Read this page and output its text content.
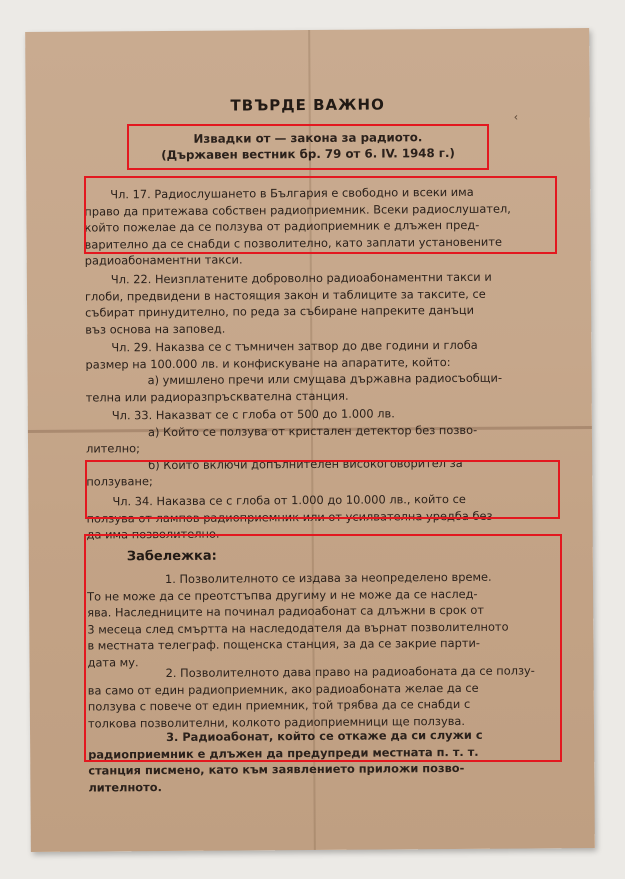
ТВЪРДЕ ВАЖНО

Извадки от — закона за радиото.

(Държавен вестник бр. 79 от 6. IV. 1948 г.)

‹

Чл. 17. Радиослушането в България е свободно и всеки има

право да притежава собствен радиоприемник. Всеки радиослушател,

който пожелае да се ползува от радиоприемник е длъжен пред-

варително да се снабди с позволително, като заплати установените

радиоабонаментни такси.

Чл. 22. Неизплатените доброволно радиоабонаментни такси и

глоби, предвидени в настоящия закон и таблиците за таксите, се

събират принудително, по реда за събиране напреките данъци

въз основа на заповед.

Чл. 29. Наказва се с тъмничен затвор до две години и глоба

размер на 100.000 лв. и конфискуване на апаратите, който:

а) умишлено пречи или смущава държавна радиосъобщи-

телна или радиоразпръсквателна станция.

Чл. 33. Наказват се с глоба от 500 до 1.000 лв.

а) Който се ползува от кристален детектор без позво-

лително;

б) Който включи допълнителен високоговорител за

ползуване;

Чл. 34. Наказва се с глоба от 1.000 до 10.000 лв., който се

ползува от лампов радиоприемник или от усилвателна уредба без

да има позволително.

Забележка:

1. Позволителното се издава за неопределено време.

То не може да се преотстъпва другиму и не може да се наслед-

ява. Наследниците на починал радиоабонат са длъжни в срок от

3 месеца след смъртта на наследодателя да върнат позволителното

в местната телеграф. пощенска станция, за да се закрие парти-

дата му.

2. Позволителното дава право на радиоабоната да се ползу-

ва само от един радиоприемник, ако радиоабоната желае да се

ползува с повече от един приемник, той трябва да се снабди с

толкова позволителни, колкото радиоприемници ще ползува.

3. Радиоабонат, който се откаже да си служи с

радиоприемник е длъжен да предупреди местната п. т. т.

станция писмено, като към заявлението приложи позво-

лителното.
